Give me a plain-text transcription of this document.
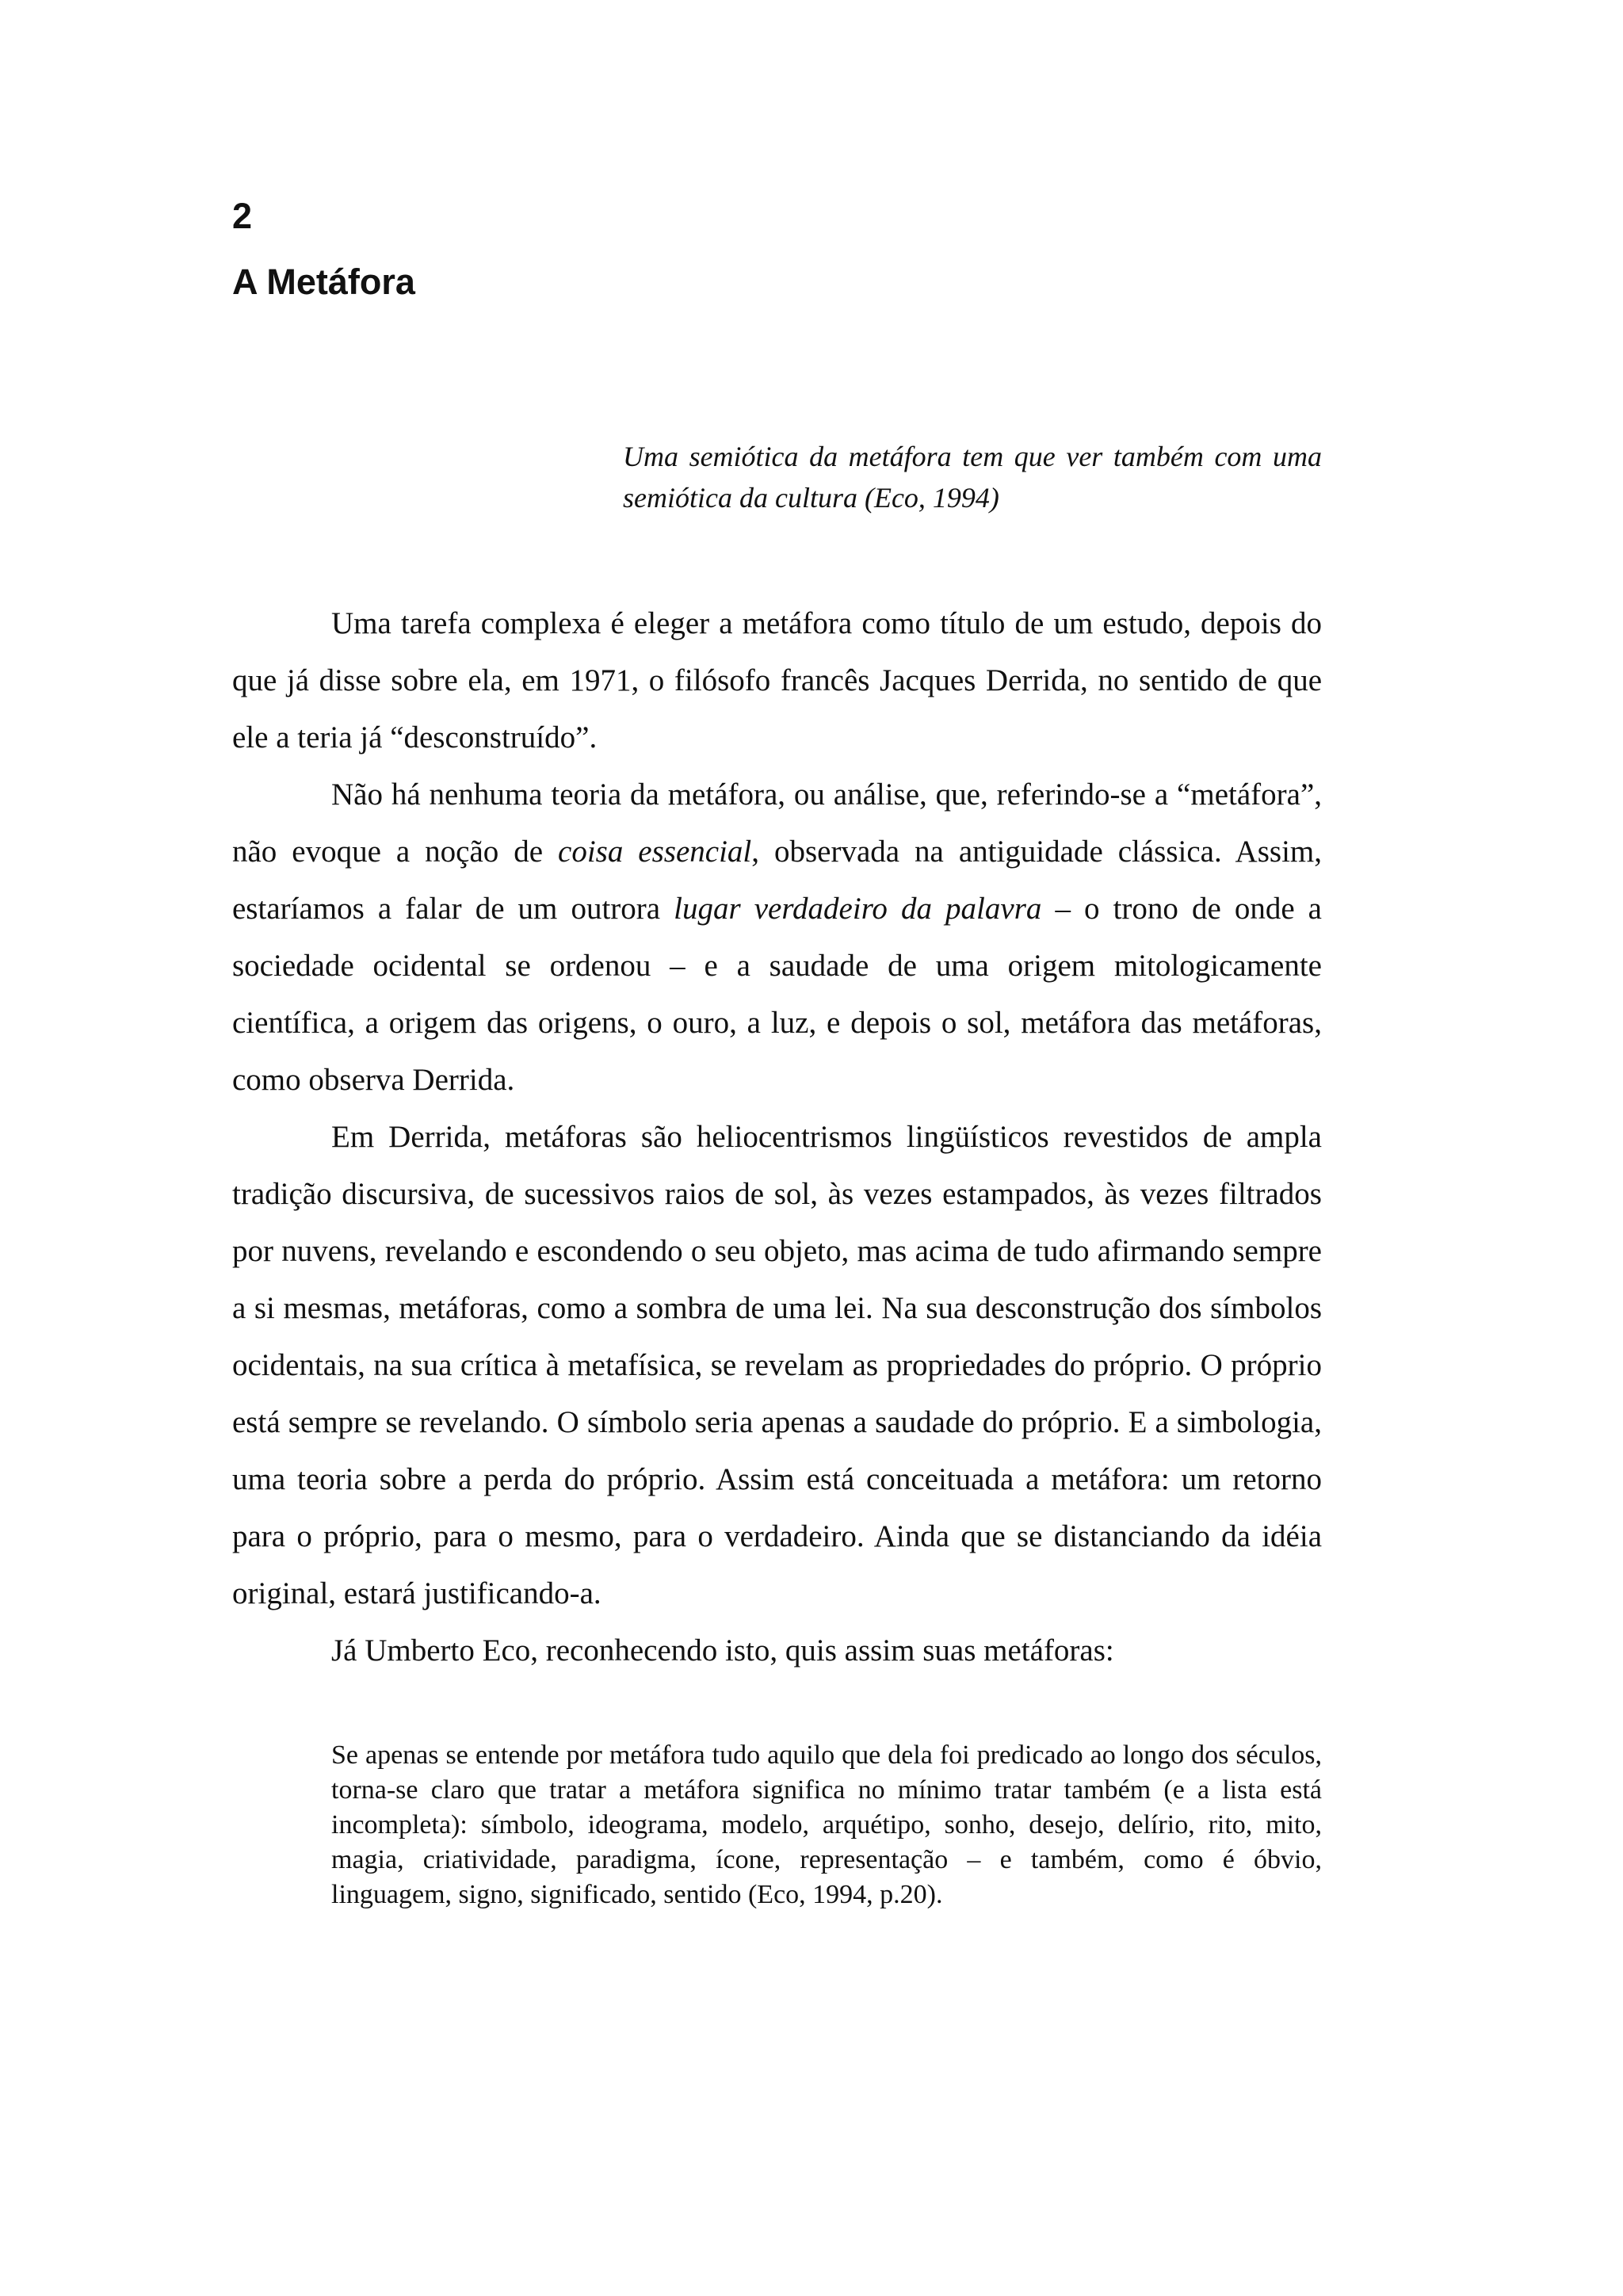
2
A Metáfora

Uma semiótica da metáfora tem que ver também com uma semiótica da cultura (Eco, 1994)

Uma tarefa complexa é eleger a metáfora como título de um estudo, depois do que já disse sobre ela, em 1971, o filósofo francês Jacques Derrida, no sentido de que ele a teria já “desconstruído”.

Não há nenhuma teoria da metáfora, ou análise, que, referindo-se a “metáfora”, não evoque a noção de coisa essencial, observada na antiguidade clássica. Assim, estaríamos a falar de um outrora lugar verdadeiro da palavra – o trono de onde a sociedade ocidental se ordenou – e a saudade de uma origem mitologicamente científica, a origem das origens, o ouro, a luz, e depois o sol, metáfora das metáforas, como observa Derrida.

Em Derrida, metáforas são heliocentrismos lingüísticos revestidos de ampla tradição discursiva, de sucessivos raios de sol, às vezes estampados, às vezes filtrados por nuvens, revelando e escondendo o seu objeto, mas acima de tudo afirmando sempre a si mesmas, metáforas, como a sombra de uma lei. Na sua desconstrução dos símbolos ocidentais, na sua crítica à metafísica, se revelam as propriedades do próprio. O próprio está sempre se revelando. O símbolo seria apenas a saudade do próprio. E a simbologia, uma teoria sobre a perda do próprio. Assim está conceituada a metáfora: um retorno para o próprio, para o mesmo, para o verdadeiro. Ainda que se distanciando da idéia original, estará justificando-a.

Já Umberto Eco, reconhecendo isto, quis assim suas metáforas:

Se apenas se entende por metáfora tudo aquilo que dela foi predicado ao longo dos séculos, torna-se claro que tratar a metáfora significa no mínimo tratar também (e a lista está incompleta): símbolo, ideograma, modelo, arquétipo, sonho, desejo, delírio, rito, mito, magia, criatividade, paradigma, ícone, representação – e também, como é óbvio, linguagem, signo, significado, sentido (Eco, 1994, p.20).
